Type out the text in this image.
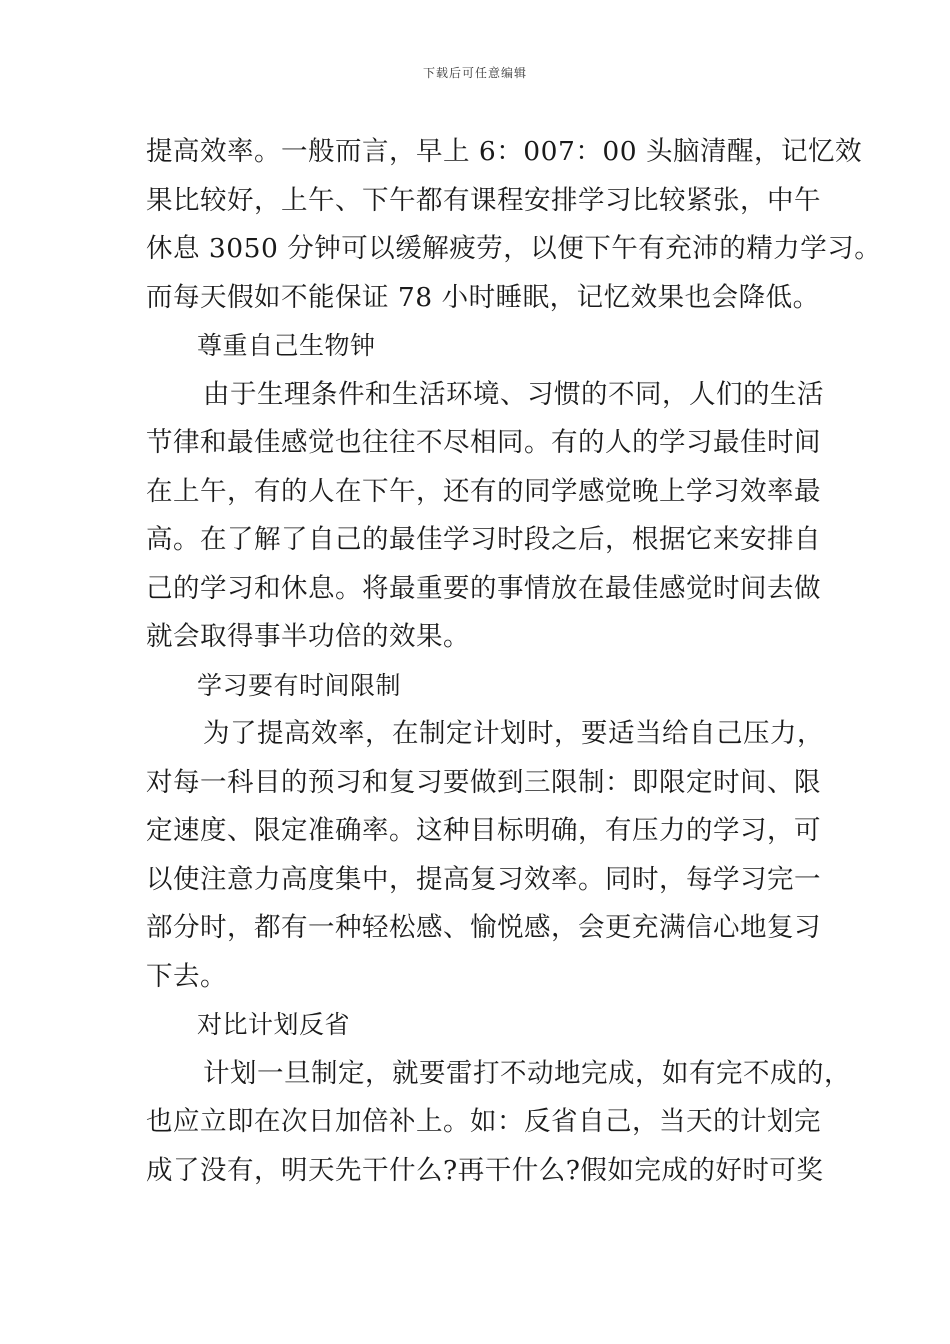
下载后可任意编辑
提高效率。一般而言，早上 6：007：00 头脑清醒，记忆效
果比较好，上午、下午都有课程安排学习比较紧张，中午
休息 3050 分钟可以缓解疲劳，以便下午有充沛的精力学习。
而每天假如不能保证 78 小时睡眠，记忆效果也会降低。
尊重自己生物钟
由于生理条件和生活环境、习惯的不同，人们的生活
节律和最佳感觉也往往不尽相同。有的人的学习最佳时间
在上午，有的人在下午，还有的同学感觉晚上学习效率最
高。在了解了自己的最佳学习时段之后，根据它来安排自
己的学习和休息。将最重要的事情放在最佳感觉时间去做
就会取得事半功倍的效果。
学习要有时间限制
为了提高效率，在制定计划时，要适当给自己压力，
对每一科目的预习和复习要做到三限制：即限定时间、限
定速度、限定准确率。这种目标明确，有压力的学习，可
以使注意力高度集中，提高复习效率。同时，每学习完一
部分时，都有一种轻松感、愉悦感，会更充满信心地复习
下去。
对比计划反省
计划一旦制定，就要雷打不动地完成，如有完不成的，
也应立即在次日加倍补上。如：反省自己，当天的计划完
成了没有，明天先干什么?再干什么?假如完成的好时可奖
